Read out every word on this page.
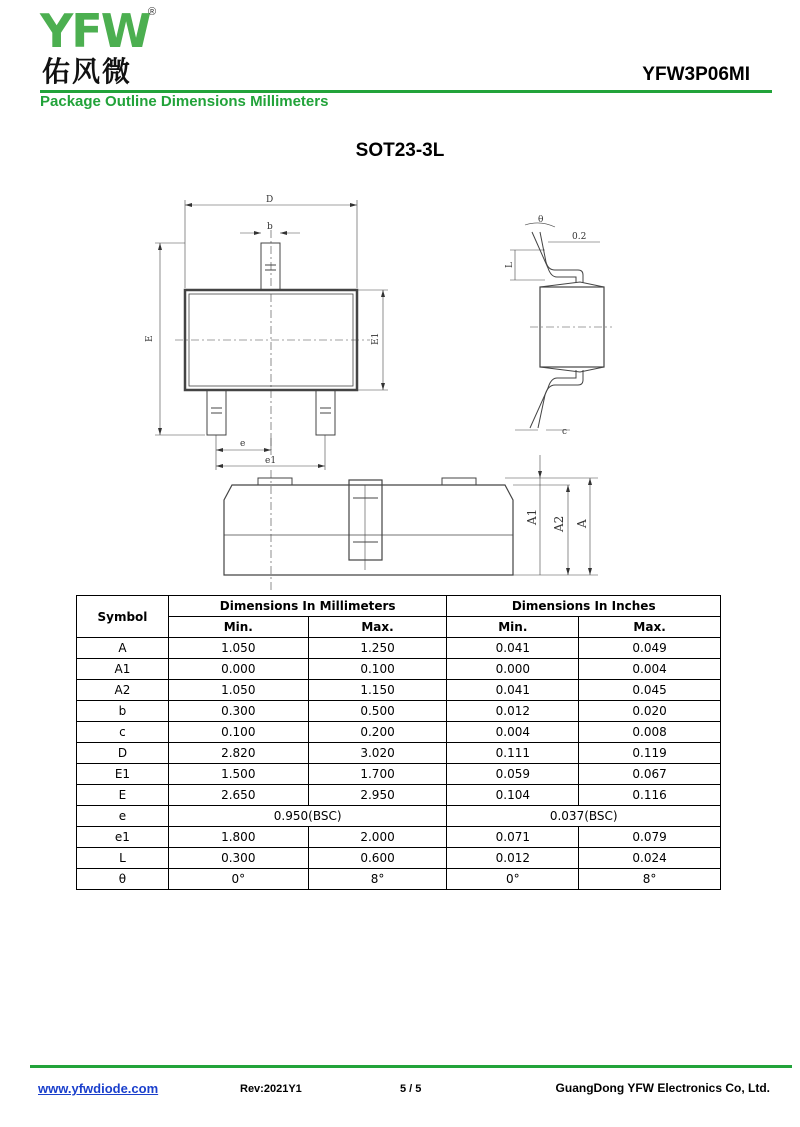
YFW
®
佑风微	YFW3P06MI
Package Outline Dimensions Millimeters
SOT23-3L
D
b
E	E1
e
e1
θ
0.2
L
c
A1 A2 A
Symbol	Dimensions In Millimeters		Dimensions In Inches	
	Min.	Max.	Min.	Max.
A	1.050	1.250	0.041	0.049
A1	0.000	0.100	0.000	0.004
A2	1.050	1.150	0.041	0.045
b	0.300	0.500	0.012	0.020
c	0.100	0.200	0.004	0.008
D	2.820	3.020	0.111	0.119
E1	1.500	1.700	0.059	0.067
E	2.650	2.950	0.104	0.116
e	0.950(BSC)		0.037(BSC)	
e1	1.800	2.000	0.071	0.079
L	0.300	0.600	0.012	0.024
θ	0°	8°	0°	8°
www.yfwdiode.com	Rev:2021Y1	5 / 5	GuangDong YFW Electronics Co, Ltd.
